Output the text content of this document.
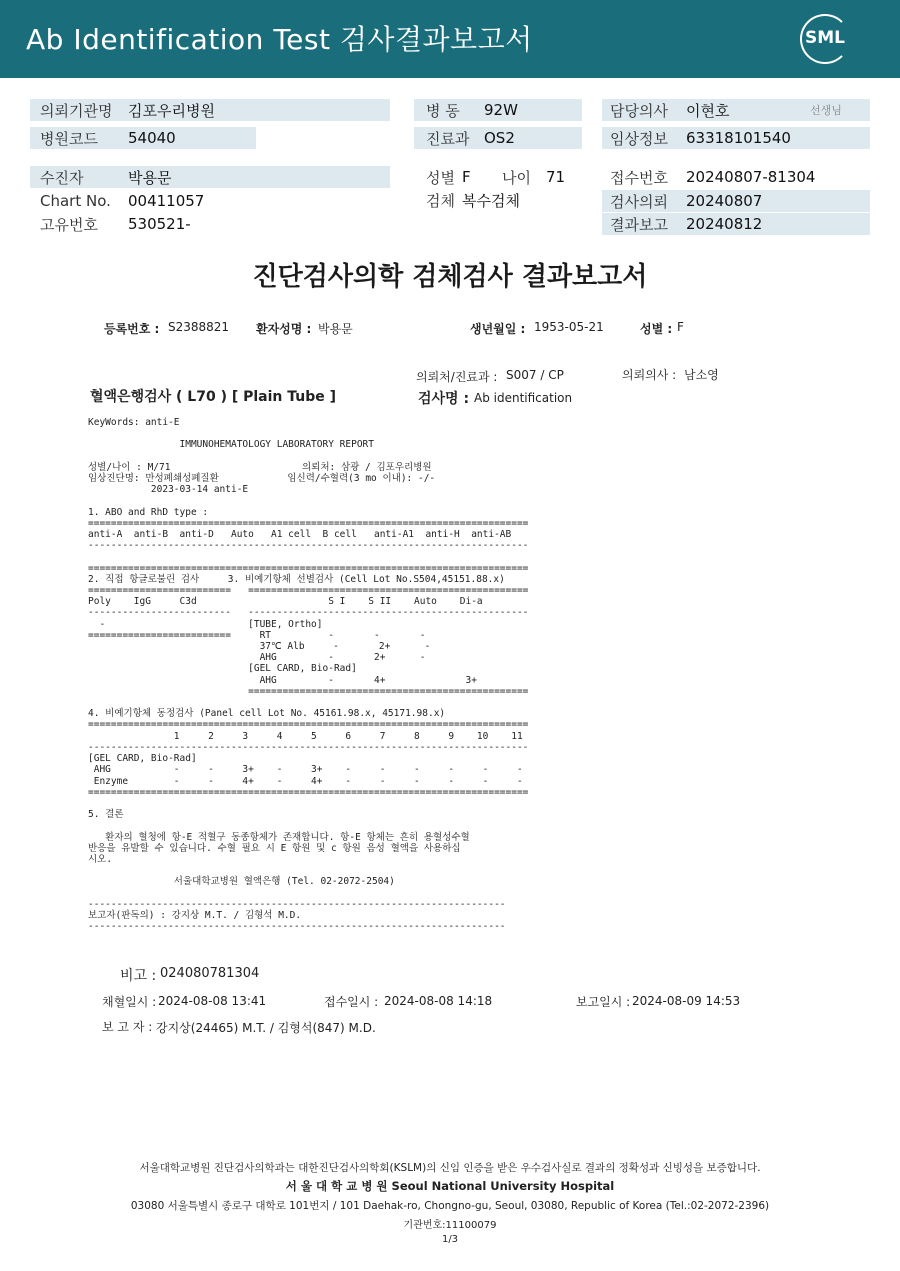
Ab Identification Test 검사결과보고서	SML
의뢰기관명	김포우리병원
병원코드	54040
병 동	92W
진료과 OS2
담당의사	이현호	선생님
임상정보	63318101540
수진자	박용문
Chart No.	00411057
고유번호	530521-
성별 F	나이	71
검체 복수검체
접수번호	20240807-81304
검사의뢰	20240807
결과보고	20240812
진단검사의학 검체검사 결과보고서
등록번호 : S2388821 환자성명 : 박용문	생년월일 : 1953-05-21	성별 : F
의뢰처/진료과 : S007 / CP	의뢰의사 : 남소영
혈액은행검사 ( L70 ) [ Plain Tube ]	검사명 : Ab identification
KeyWords: anti-E

IMMUNOHEMATOLOGY LABORATORY REPORT

성별/나이 : M/71                       의뢰처: 삼광 / 김포우리병원
임상진단명: 만성폐쇄성폐질환            임신력/수혈력(3 mo 이내): -/-
2023-03-14 anti-E

1. ABO and RhD type :
=============================================================================
anti-A  anti-B  anti-D   Auto   A1 cell  B cell   anti-A1  anti-H  anti-AB
-----------------------------------------------------------------------------

=============================================================================
2. 직접 항글로불린 검사     3. 비예기항체 선별검사 (Cell Lot No.S504,45151.88.x)
=========================   =================================================
Poly    IgG     C3d                       S I    S II    Auto    Di-a
-------------------------   -------------------------------------------------
-                         [TUBE, Ortho]
=========================     RT          -       -       -
37℃ Alb     -       2+      -
AHG         -       2+      -
[GEL CARD, Bio-Rad]
AHG         -       4+              3+
=================================================

4. 비예기항체 동정검사 (Panel cell Lot No. 45161.98.x, 45171.98.x)
=============================================================================
1     2     3     4     5     6     7     8     9    10    11
-----------------------------------------------------------------------------
[GEL CARD, Bio-Rad]
AHG           -     -     3+    -     3+    -     -     -     -     -     -
Enzyme        -     -     4+    -     4+    -     -     -     -     -     -
=============================================================================

5. 결론

환자의 혈청에 항-E 적혈구 동종항체가 존재합니다. 항-E 항체는 흔히 용혈성수혈
반응을 유발할 수 있습니다. 수혈 필요 시 E 항원 및 c 항원 음성 혈액을 사용하십
시오.

서울대학교병원 혈액은행 (Tel. 02-2072-2504)

-------------------------------------------------------------------------
보고자(판독의) : 강지상 M.T. / 김형석 M.D.
-------------------------------------------------------------------------
비고 : 024080781304
채혈일시 : 2024-08-08 13:41	접수일시 : 2024-08-08 14:18	보고일시 : 2024-08-09 14:53
보 고 자 : 강지상(24465) M.T. / 김형석(847) M.D.
서울대학교병원 진단검사의학과는 대한진단검사의학회(KSLM)의 신임 인증을 받은 우수검사실로 결과의 정확성과 신빙성을 보증합니다.
서 울 대 학 교 병 원 Seoul National University Hospital
03080 서울특별시 종로구 대학로 101번지 / 101 Daehak-ro, Chongno-gu, Seoul, 03080, Republic of Korea (Tel.:02-2072-2396)
기관번호:11100079
1/3
